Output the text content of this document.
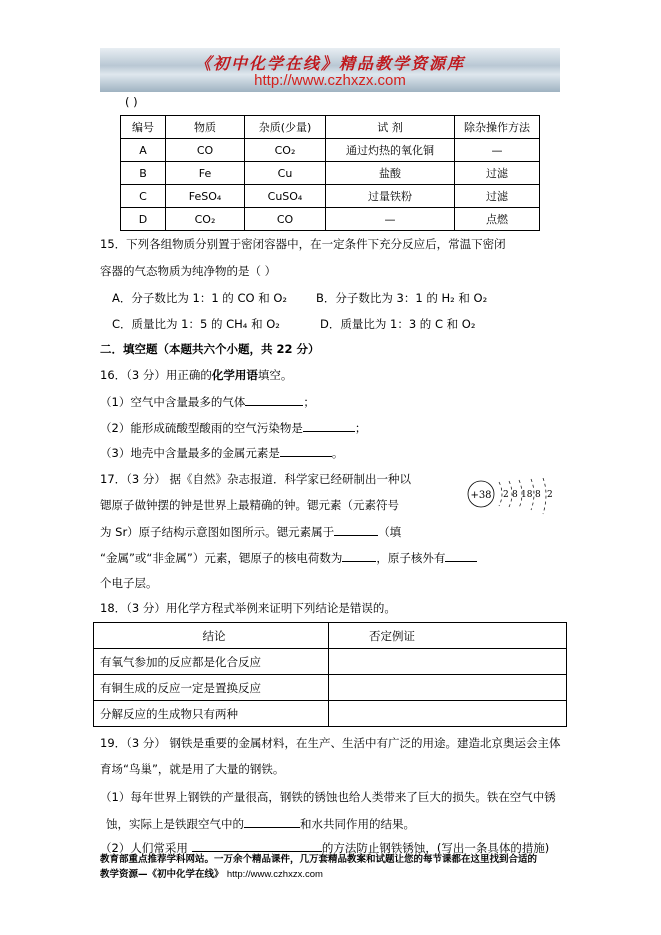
《初中化学在线》精品教学资源库
http://www.czhxzx.com
( )
编号	物质	杂质(少量)	试 剂	除杂操作方法
A	CO	CO₂	通过灼热的氧化铜	—
B	Fe	Cu	盐酸	过滤
C	FeSO₄	CuSO₄	过量铁粉	过滤
D	CO₂	CO	—	点燃
15．下列各组物质分别置于密闭容器中，在一定条件下充分反应后，常温下密闭
容器的气态物质为纯净物的是（ ）
A．分子数比为 1：1 的 CO 和 O₂	B．分子数比为 3：1 的 H₂ 和 O₂
C．质量比为 1：5 的 CH₄ 和 O₂	D．质量比为 1：3 的 C 和 O₂
二．填空题（本题共六个小题，共 22 分）
16．（3 分）用正确的化学用语填空。
（1）空气中含量最多的气体	；
（2）能形成硫酸型酸雨的空气污染物是	；
（3）地壳中含量最多的金属元素是	。
17．（3 分） 据《自然》杂志报道．科学家已经研制出一种以
锶原子做钟摆的钟是世界上最精确的钟。锶元素（元素符号
为 Sr）原子结构示意图如图所示。锶元素属于	（填
“金属”或“非金属”）元素，锶原子的核电荷数为	，原子核外有
个电子层。
+38 2 8 18 8 2
18．（3 分）用化学方程式举例来证明下列结论是错误的。
结论	否定例证
有氧气参加的反应都是化合反应	
有铜生成的反应一定是置换反应	
分解反应的生成物只有两种	
19．（3 分） 钢铁是重要的金属材料，在生产、生活中有广泛的用途。建造北京奥运会主体
育场“鸟巢”，就是用了大量的钢铁。
（1）每年世界上钢铁的产量很高，钢铁的锈蚀也给人类带来了巨大的损失。铁在空气中锈
蚀，实际上是铁跟空气中的	和水共同作用的结果。
（2）人们常采用	的方法防止钢铁锈蚀，(写出一条具体的措施)
教育部重点推荐学科网站。一万余个精品课件，几万套精品教案和试题让您的每节课都在这里找到合适的
教学资源—《初中化学在线》 http://www.czhxzx.com
